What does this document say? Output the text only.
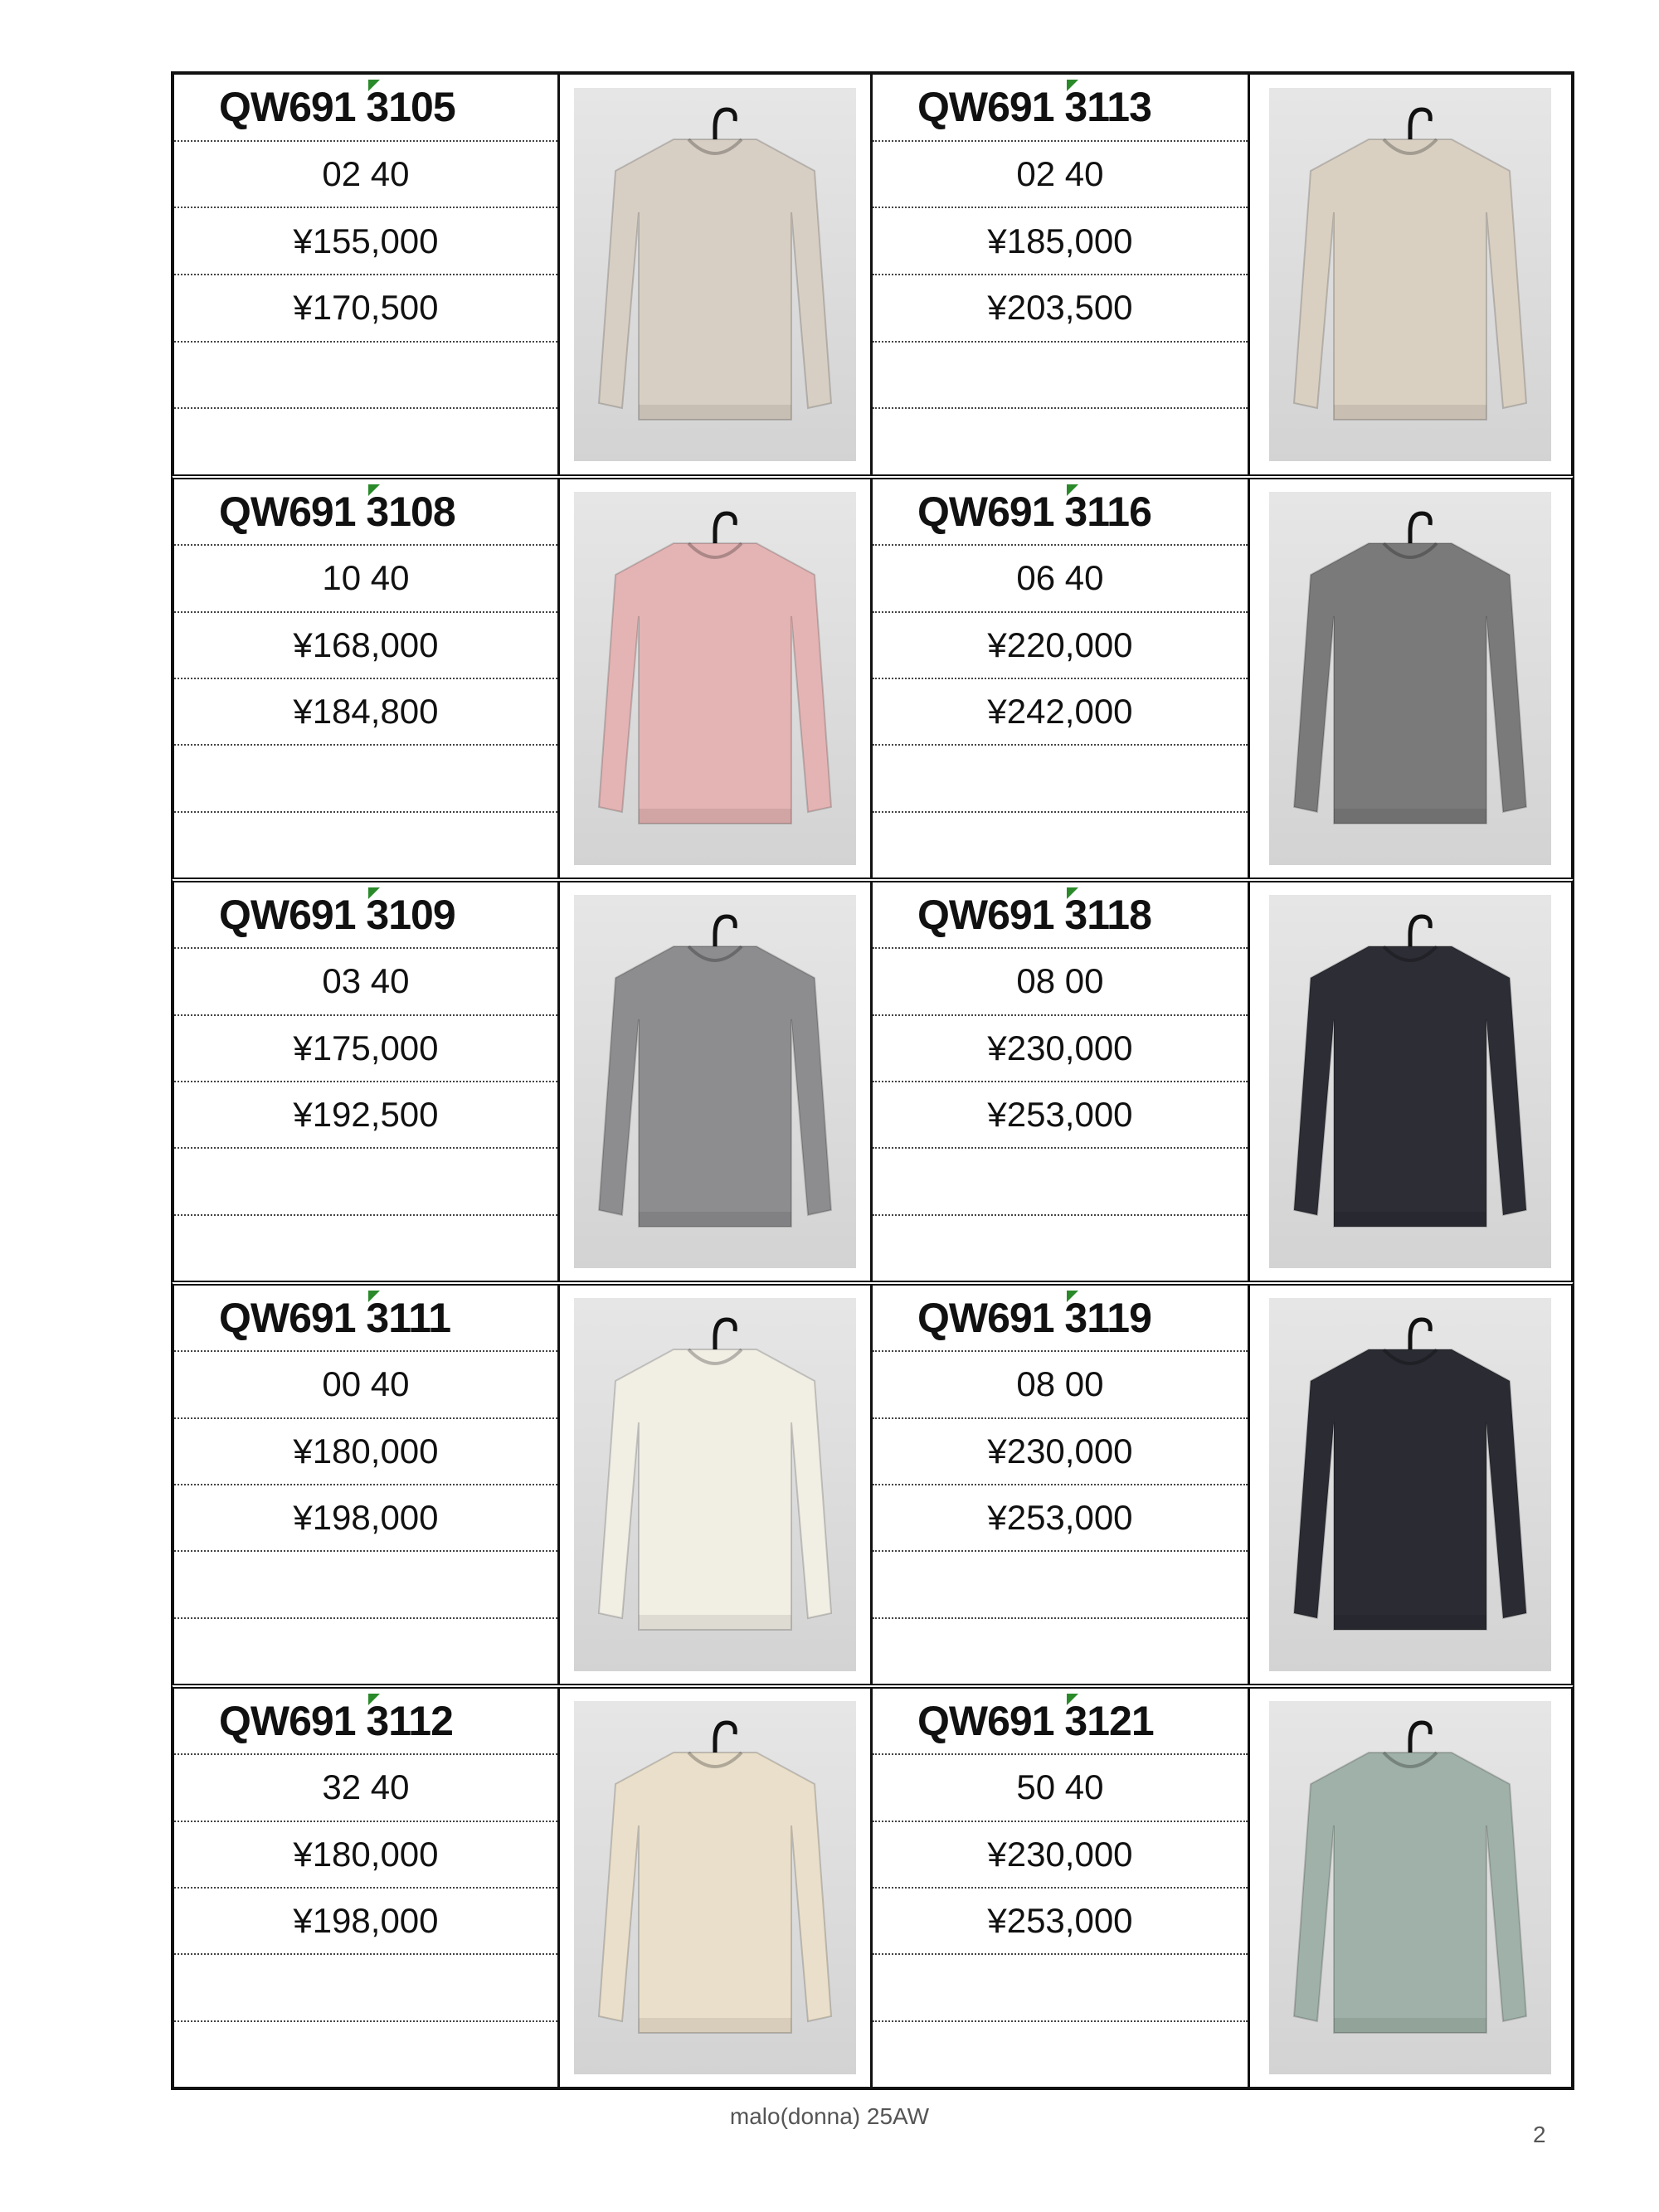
QW691 3105
02 40
¥155,000
¥170,500
QW691 3113
02 40
¥185,000
¥203,500
QW691 3108
10 40
¥168,000
¥184,800
QW691 3116
06 40
¥220,000
¥242,000
QW691 3109
03 40
¥175,000
¥192,500
QW691 3118
08 00
¥230,000
¥253,000
QW691 3111
00 40
¥180,000
¥198,000
QW691 3119
08 00
¥230,000
¥253,000
QW691 3112
32 40
¥180,000
¥198,000
QW691 3121
50 40
¥230,000
¥253,000
2
malo(donna) 25AW
